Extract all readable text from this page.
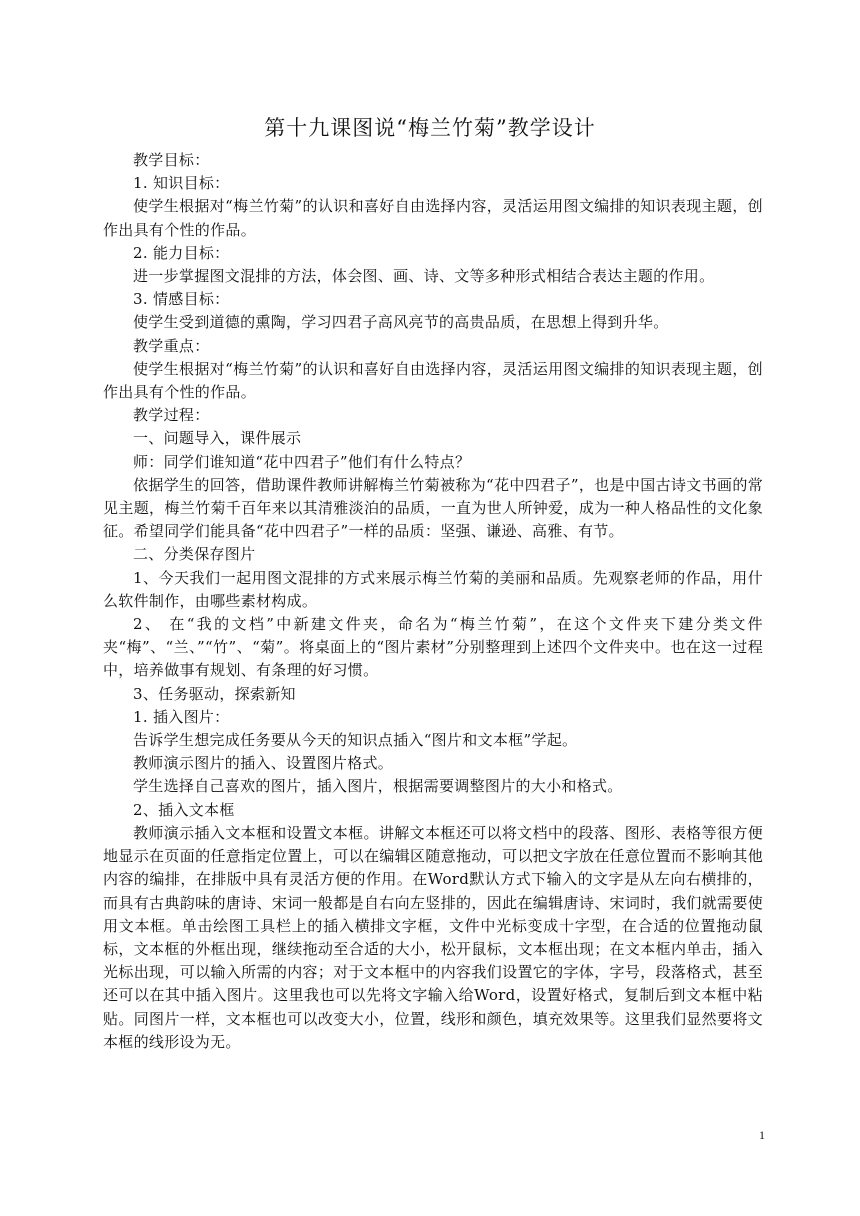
第十九课图说“梅兰竹菊”教学设计

教学目标：

1. 知识目标：

使学生根据对“梅兰竹菊”的认识和喜好自由选择内容，灵活运用图文编排的知识表现主题，创作出具有个性的作品。

2. 能力目标：

进一步掌握图文混排的方法，体会图、画、诗、文等多种形式相结合表达主题的作用。

3. 情感目标：

使学生受到道德的熏陶，学习四君子高风亮节的高贵品质，在思想上得到升华。

教学重点：

使学生根据对“梅兰竹菊”的认识和喜好自由选择内容，灵活运用图文编排的知识表现主题，创作出具有个性的作品。

教学过程：

一、问题导入，课件展示

师：同学们谁知道“花中四君子”他们有什么特点？

依据学生的回答，借助课件教师讲解梅兰竹菊被称为“花中四君子”，也是中国古诗文书画的常见主题，梅兰竹菊千百年来以其清雅淡泊的品质，一直为世人所钟爱，成为一种人格品性的文化象征。希望同学们能具备“花中四君子”一样的品质：坚强、谦逊、高雅、有节。

二、分类保存图片

1、今天我们一起用图文混排的方式来展示梅兰竹菊的美丽和品质。先观察老师的作品，用什么软件制作，由哪些素材构成。

2、 在“我的文档”中新建文件夹，命名为“梅兰竹菊”，在这个文件夹下建分类文件夹“梅”、“兰、”“竹”、“菊”。将桌面上的“图片素材”分别整理到上述四个文件夹中。也在这一过程中，培养做事有规划、有条理的好习惯。

3、任务驱动，探索新知

1. 插入图片：

告诉学生想完成任务要从今天的知识点插入“图片和文本框”学起。

教师演示图片的插入、设置图片格式。

学生选择自己喜欢的图片，插入图片，根据需要调整图片的大小和格式。

2、插入文本框

教师演示插入文本框和设置文本框。讲解文本框还可以将文档中的段落、图形、表格等很方便地显示在页面的任意指定位置上，可以在编辑区随意拖动，可以把文字放在任意位置而不影响其他内容的编排，在排版中具有灵活方便的作用。在Word默认方式下输入的文字是从左向右横排的，而具有古典韵味的唐诗、宋词一般都是自右向左竖排的，因此在编辑唐诗、宋词时，我们就需要使用文本框。单击绘图工具栏上的插入横排文字框，文件中光标变成十字型，在合适的位置拖动鼠标，文本框的外框出现，继续拖动至合适的大小，松开鼠标，文本框出现；在文本框内单击，插入光标出现，可以输入所需的内容；对于文本框中的内容我们设置它的字体，字号，段落格式，甚至还可以在其中插入图片。这里我也可以先将文字输入给Word，设置好格式，复制后到文本框中粘贴。同图片一样，文本框也可以改变大小，位置，线形和颜色，填充效果等。这里我们显然要将文本框的线形设为无。

1
